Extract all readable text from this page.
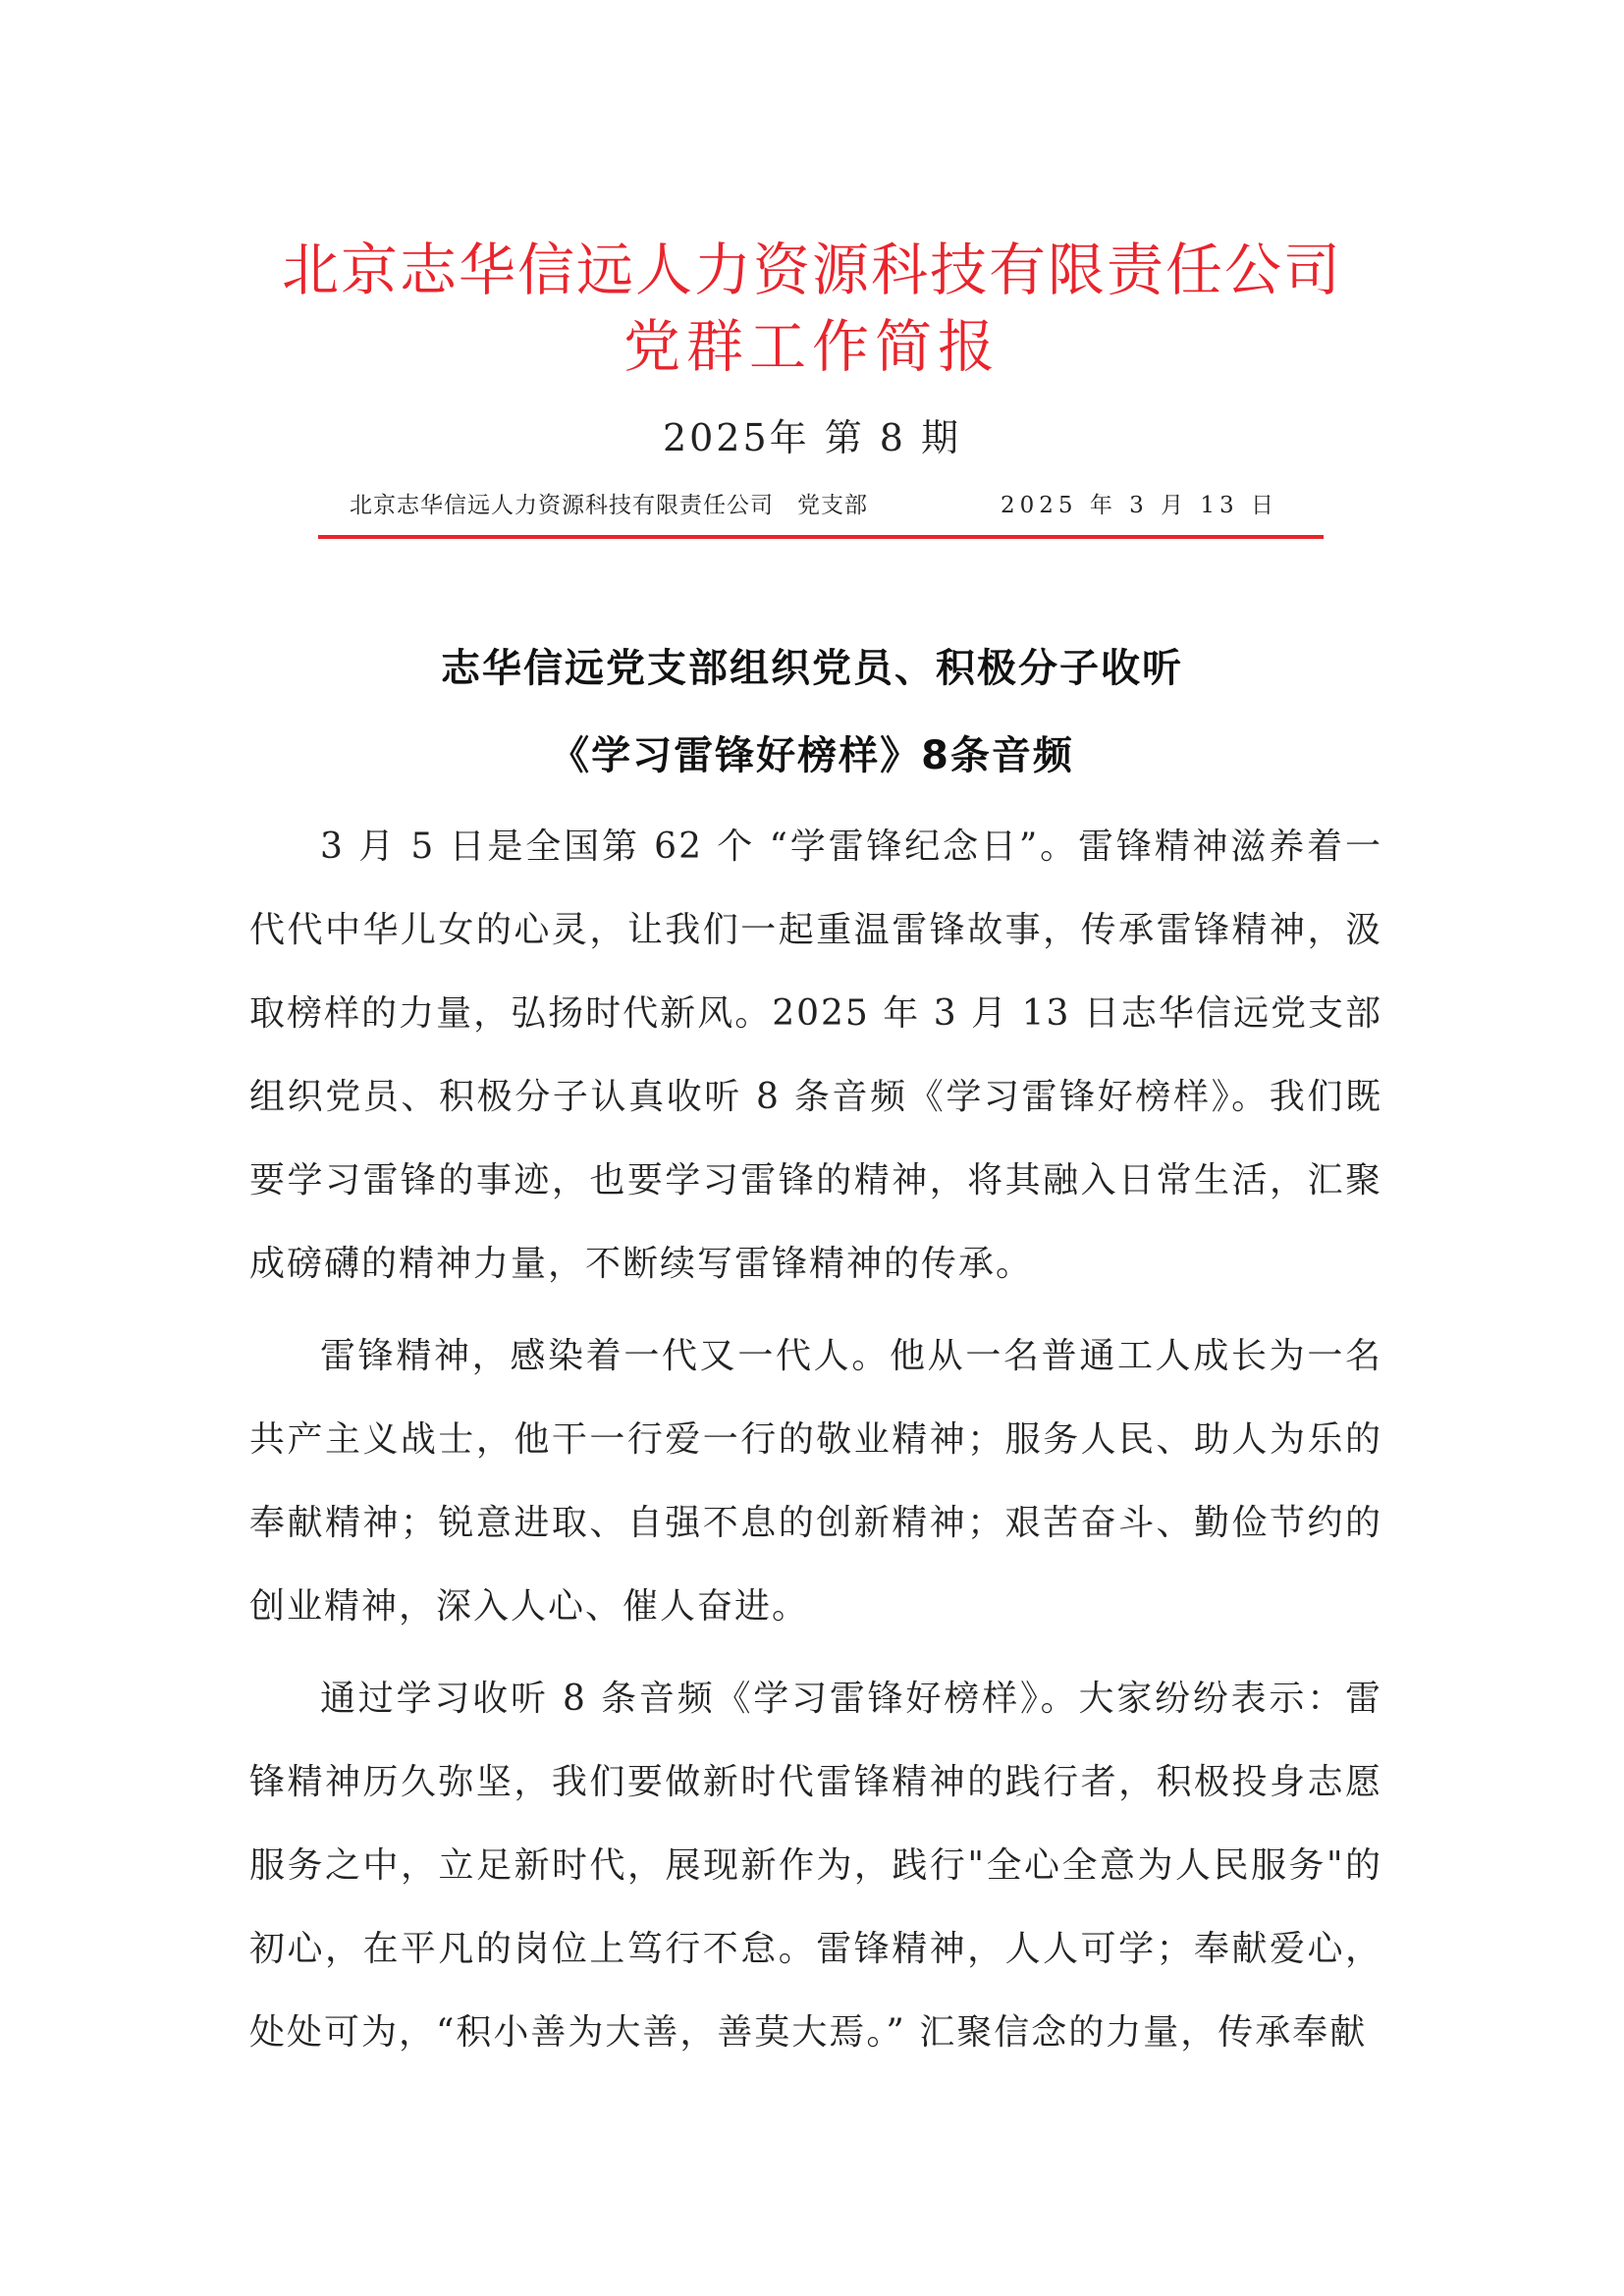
北京志华信远人力资源科技有限责任公司
党群工作简报
2025年 第 8 期
北京志华信远人力资源科技有限责任公司　党支部	2025 年 3 月 13 日
志华信远党支部组织党员、积极分子收听
《学习雷锋好榜样》8条音频

3 月 5 日是全国第 62 个 “学雷锋纪念日”。雷锋精神滋养着一代代中华儿女的心灵，让我们一起重温雷锋故事，传承雷锋精神，汲取榜样的力量，弘扬时代新风。2025 年 3 月 13 日志华信远党支部组织党员、积极分子认真收听 8 条音频《学习雷锋好榜样》。我们既要学习雷锋的事迹，也要学习雷锋的精神，将其融入日常生活，汇聚成磅礴的精神力量，不断续写雷锋精神的传承。

雷锋精神，感染着一代又一代人。他从一名普通工人成长为一名共产主义战士，他干一行爱一行的敬业精神；服务人民、助人为乐的奉献精神；锐意进取、自强不息的创新精神；艰苦奋斗、勤俭节约的创业精神，深入人心、催人奋进。

通过学习收听 8 条音频《学习雷锋好榜样》。大家纷纷表示：雷锋精神历久弥坚，我们要做新时代雷锋精神的践行者，积极投身志愿服务之中，立足新时代，展现新作为，践行"全心全意为人民服务"的初心，在平凡的岗位上笃行不怠。雷锋精神，人人可学；奉献爱心，处处可为，“积小善为大善，善莫大焉。” 汇聚信念的力量，传承奉献
